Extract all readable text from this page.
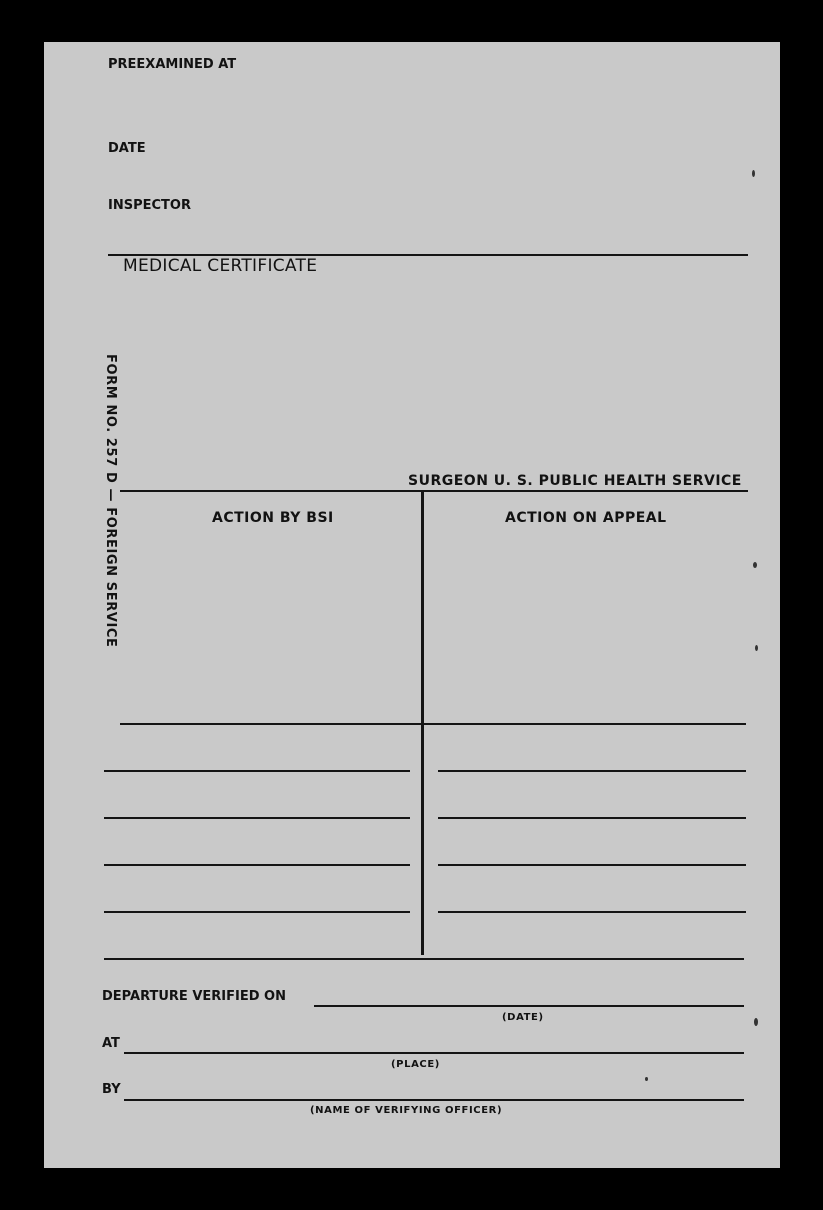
PREEXAMINED AT
DATE
INSPECTOR
MEDICAL CERTIFICATE
FORM NO. 257 D — FOREIGN SERVICE	SURGEON U. S. PUBLIC HEALTH SERVICE
ACTION BY BSI	ACTION ON APPEAL
DEPARTURE VERIFIED ON
(DATE)
AT
(PLACE)
BY
(NAME OF VERIFYING OFFICER)
